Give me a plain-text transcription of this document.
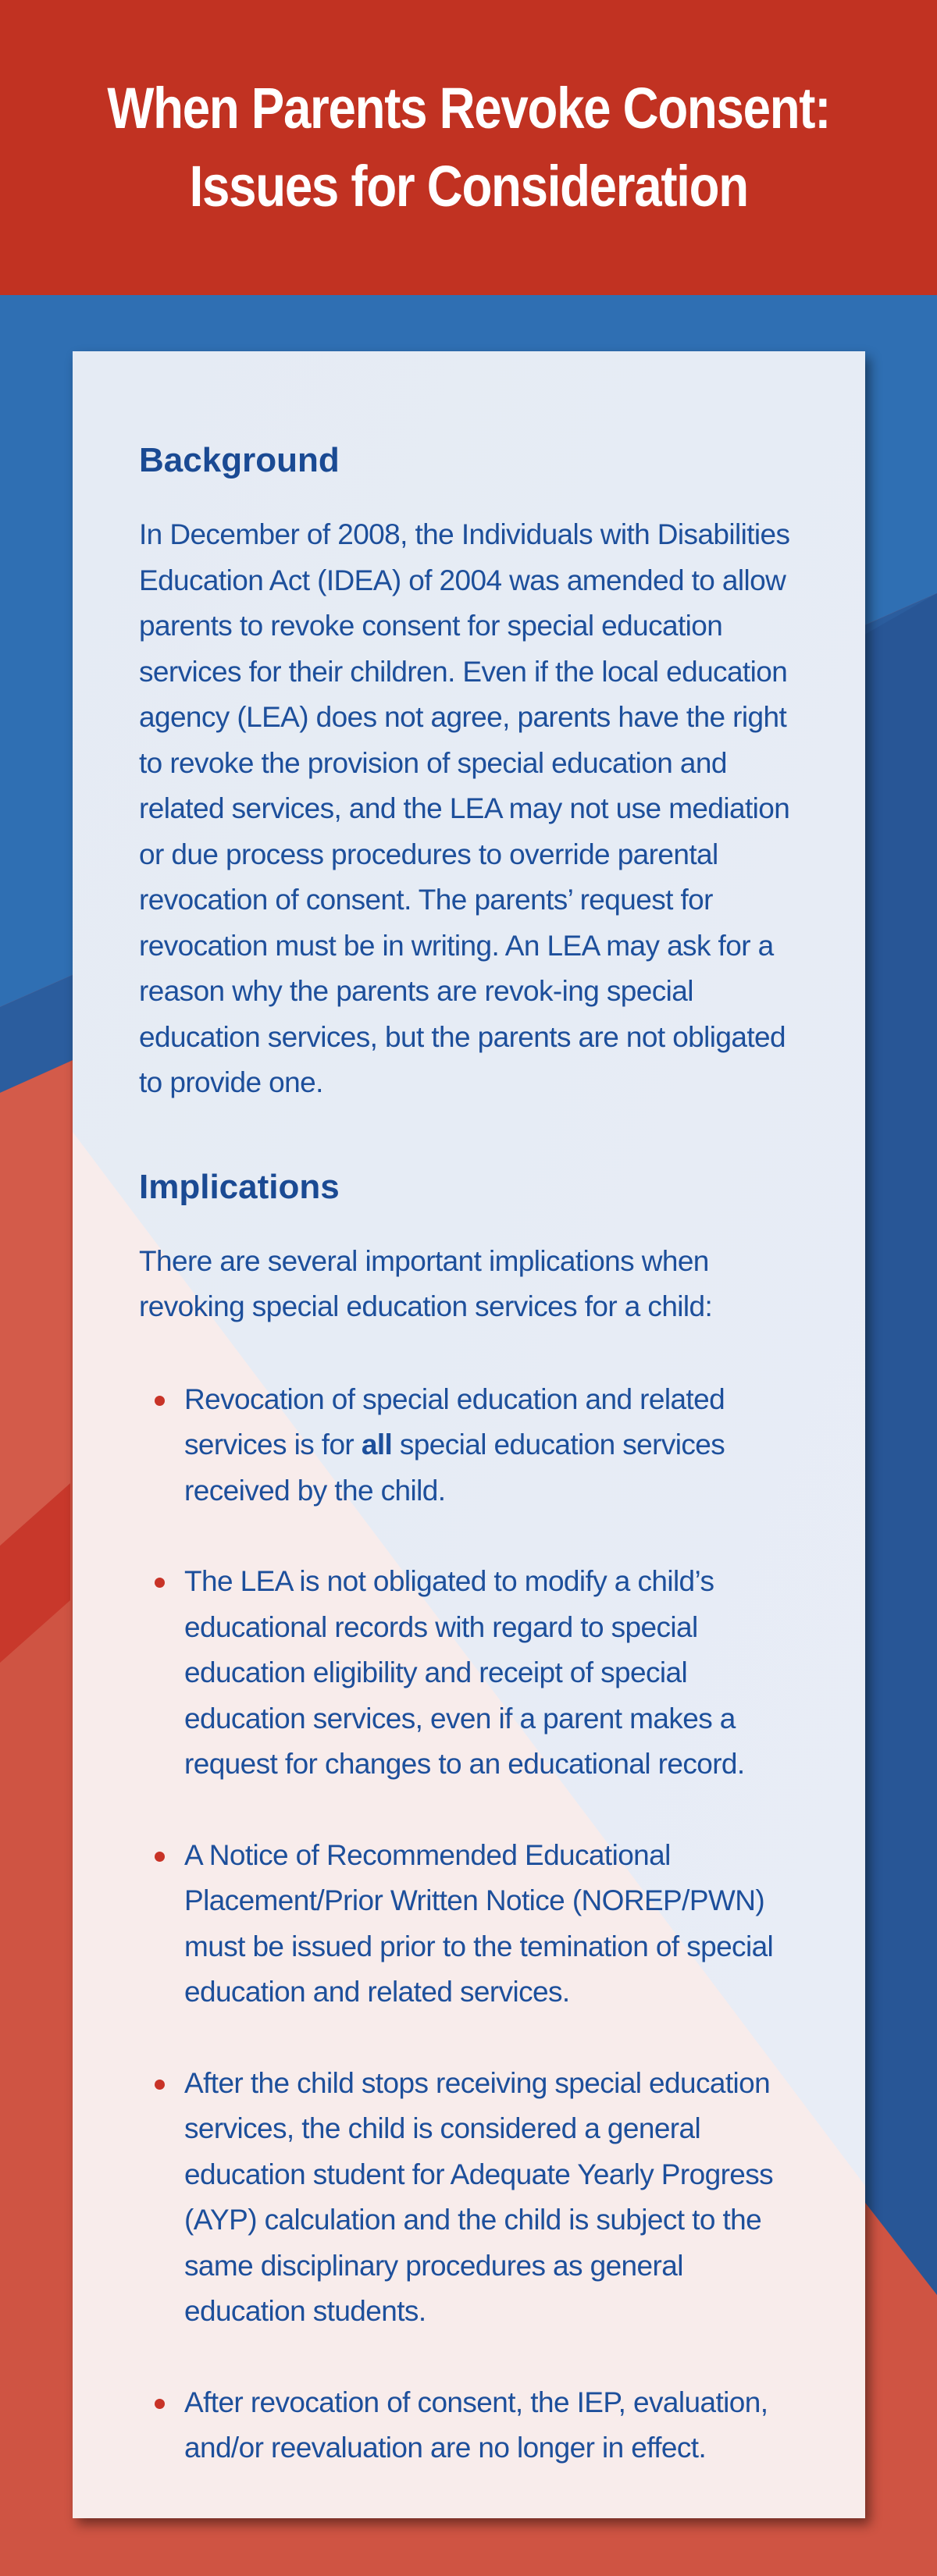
When Parents Revoke Consent:
Issues for Consideration
Background

In December of 2008, the Individuals with Disabilities Education Act (IDEA) of 2004 was amended to allow parents to revoke consent for special education services for their children. Even if the local education agency (LEA) does not agree, parents have the right to revoke the provision of special education and related services, and the LEA may not use mediation or due process procedures to override parental revocation of consent. The parents’ request for revocation must be in writing. An LEA may ask for a reason why the parents are revok-ing special education services, but the parents are not obligated to provide one.

Implications

There are several important implications when revoking special education services for a child:

Revocation of special education and related services is for all special education services received by the child.
The LEA is not obligated to modify a child’s educational records with regard to special education eligibility and receipt of special education services, even if a parent makes a request for changes to an educational record.
A Notice of Recommended Educational Placement/Prior Written Notice (NOREP/PWN) must be issued prior to the temination of special education and related services.
After the child stops receiving special education services, the child is considered a general education student for Adequate Yearly Progress (AYP) calculation and the child is subject to the same disciplinary procedures as general education students.
After revocation of consent, the IEP, evaluation, and/or reevaluation are no longer in effect.
